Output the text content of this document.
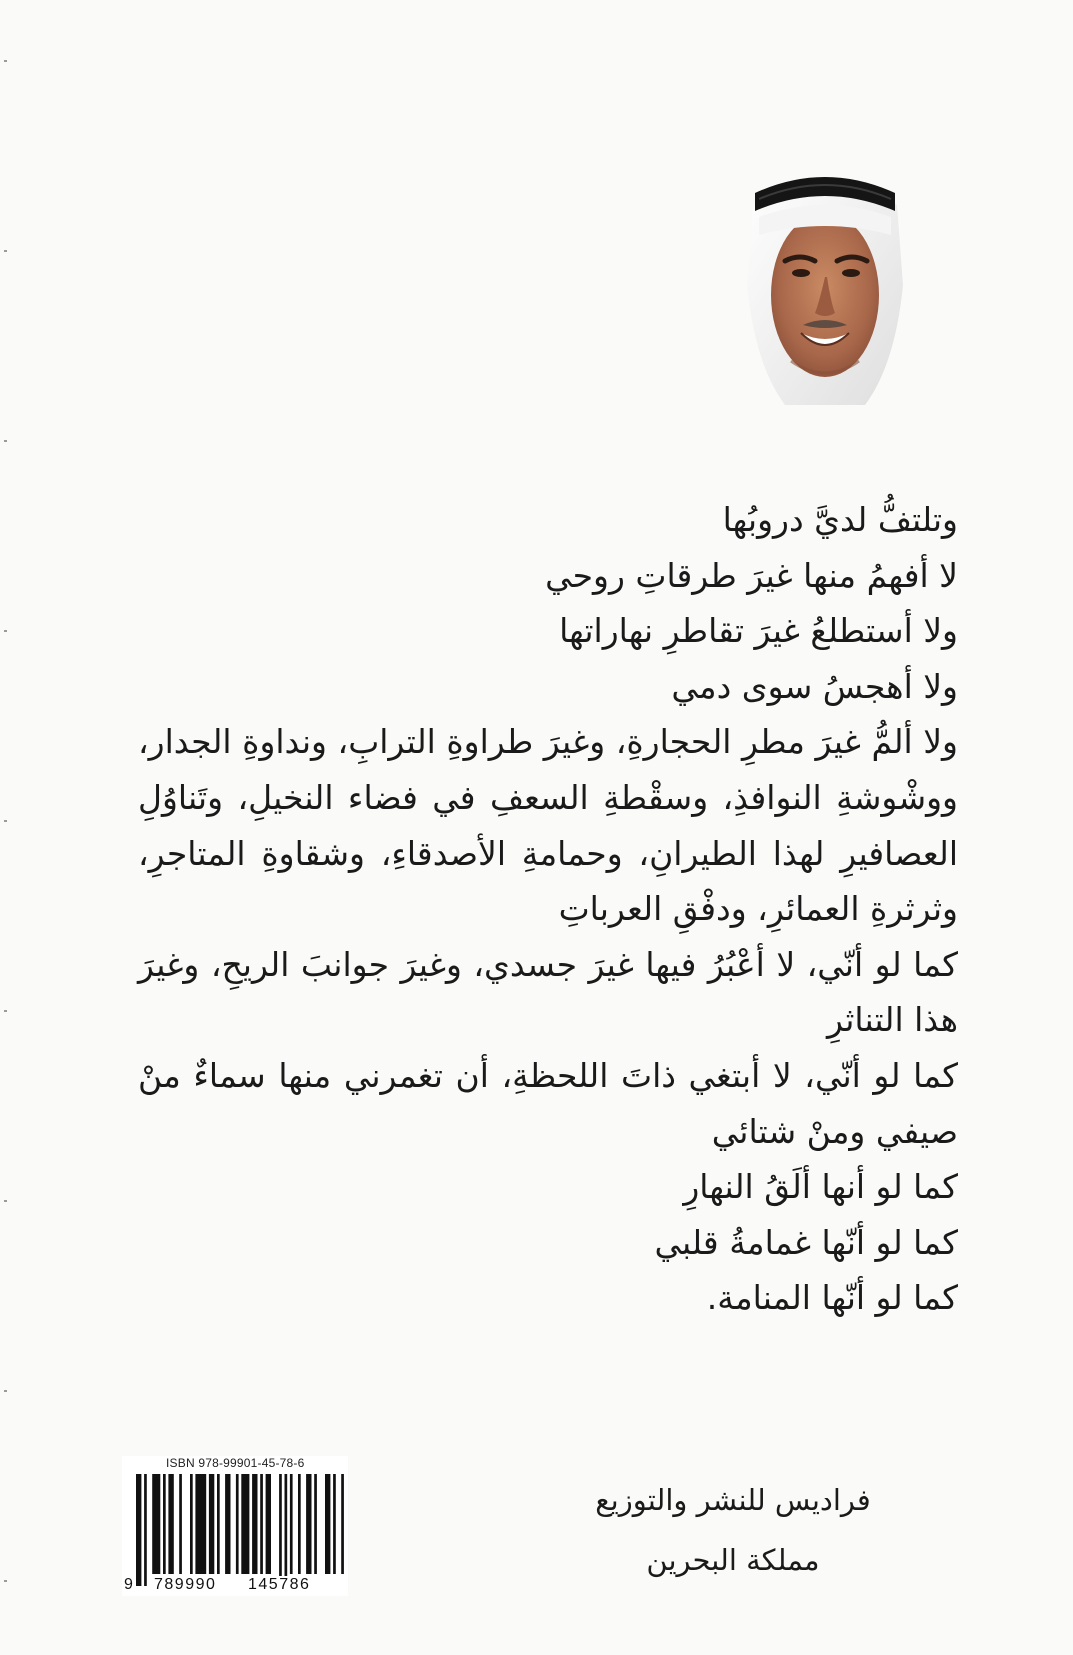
وتلتفُّ لديَّ دروبُها
لا أفهمُ منها غيرَ طرقاتِ روحي
ولا أستطلعُ غيرَ تقاطرِ نهاراتها
ولا أهجسُ سوى دمي
ولا ألمُّ غيرَ مطرِ الحجارةِ، وغيرَ طراوةِ الترابِ، ونداوةِ الجدار،
ووشْوشةِ النوافذِ، وسقْطةِ السعفِ في فضاء النخيلِ، وتَناوُلِ
العصافيرِ لهذا الطيرانِ، وحمامةِ الأصدقاءِ، وشقاوةِ المتاجرِ،
وثرثرةِ العمائرِ، ودفْقِ العرباتِ
كما لو أنّي، لا أعْبُرُ فيها غيرَ جسدي، وغيرَ جوانبَ الريحِ، وغيرَ
هذا التناثرِ
كما لو أنّي، لا أبتغي ذاتَ اللحظةِ، أن تغمرني منها سماءٌ منْ
صيفي ومنْ شتائي
كما لو أنها ألَقُ النهارِ
كما لو أنّها غمامةُ قلبي
كما لو أنّها المنامة.
ISBN 978-99901-45-78-6
9 789990 145786
فراديس للنشر والتوزيع
مملكة البحرين
